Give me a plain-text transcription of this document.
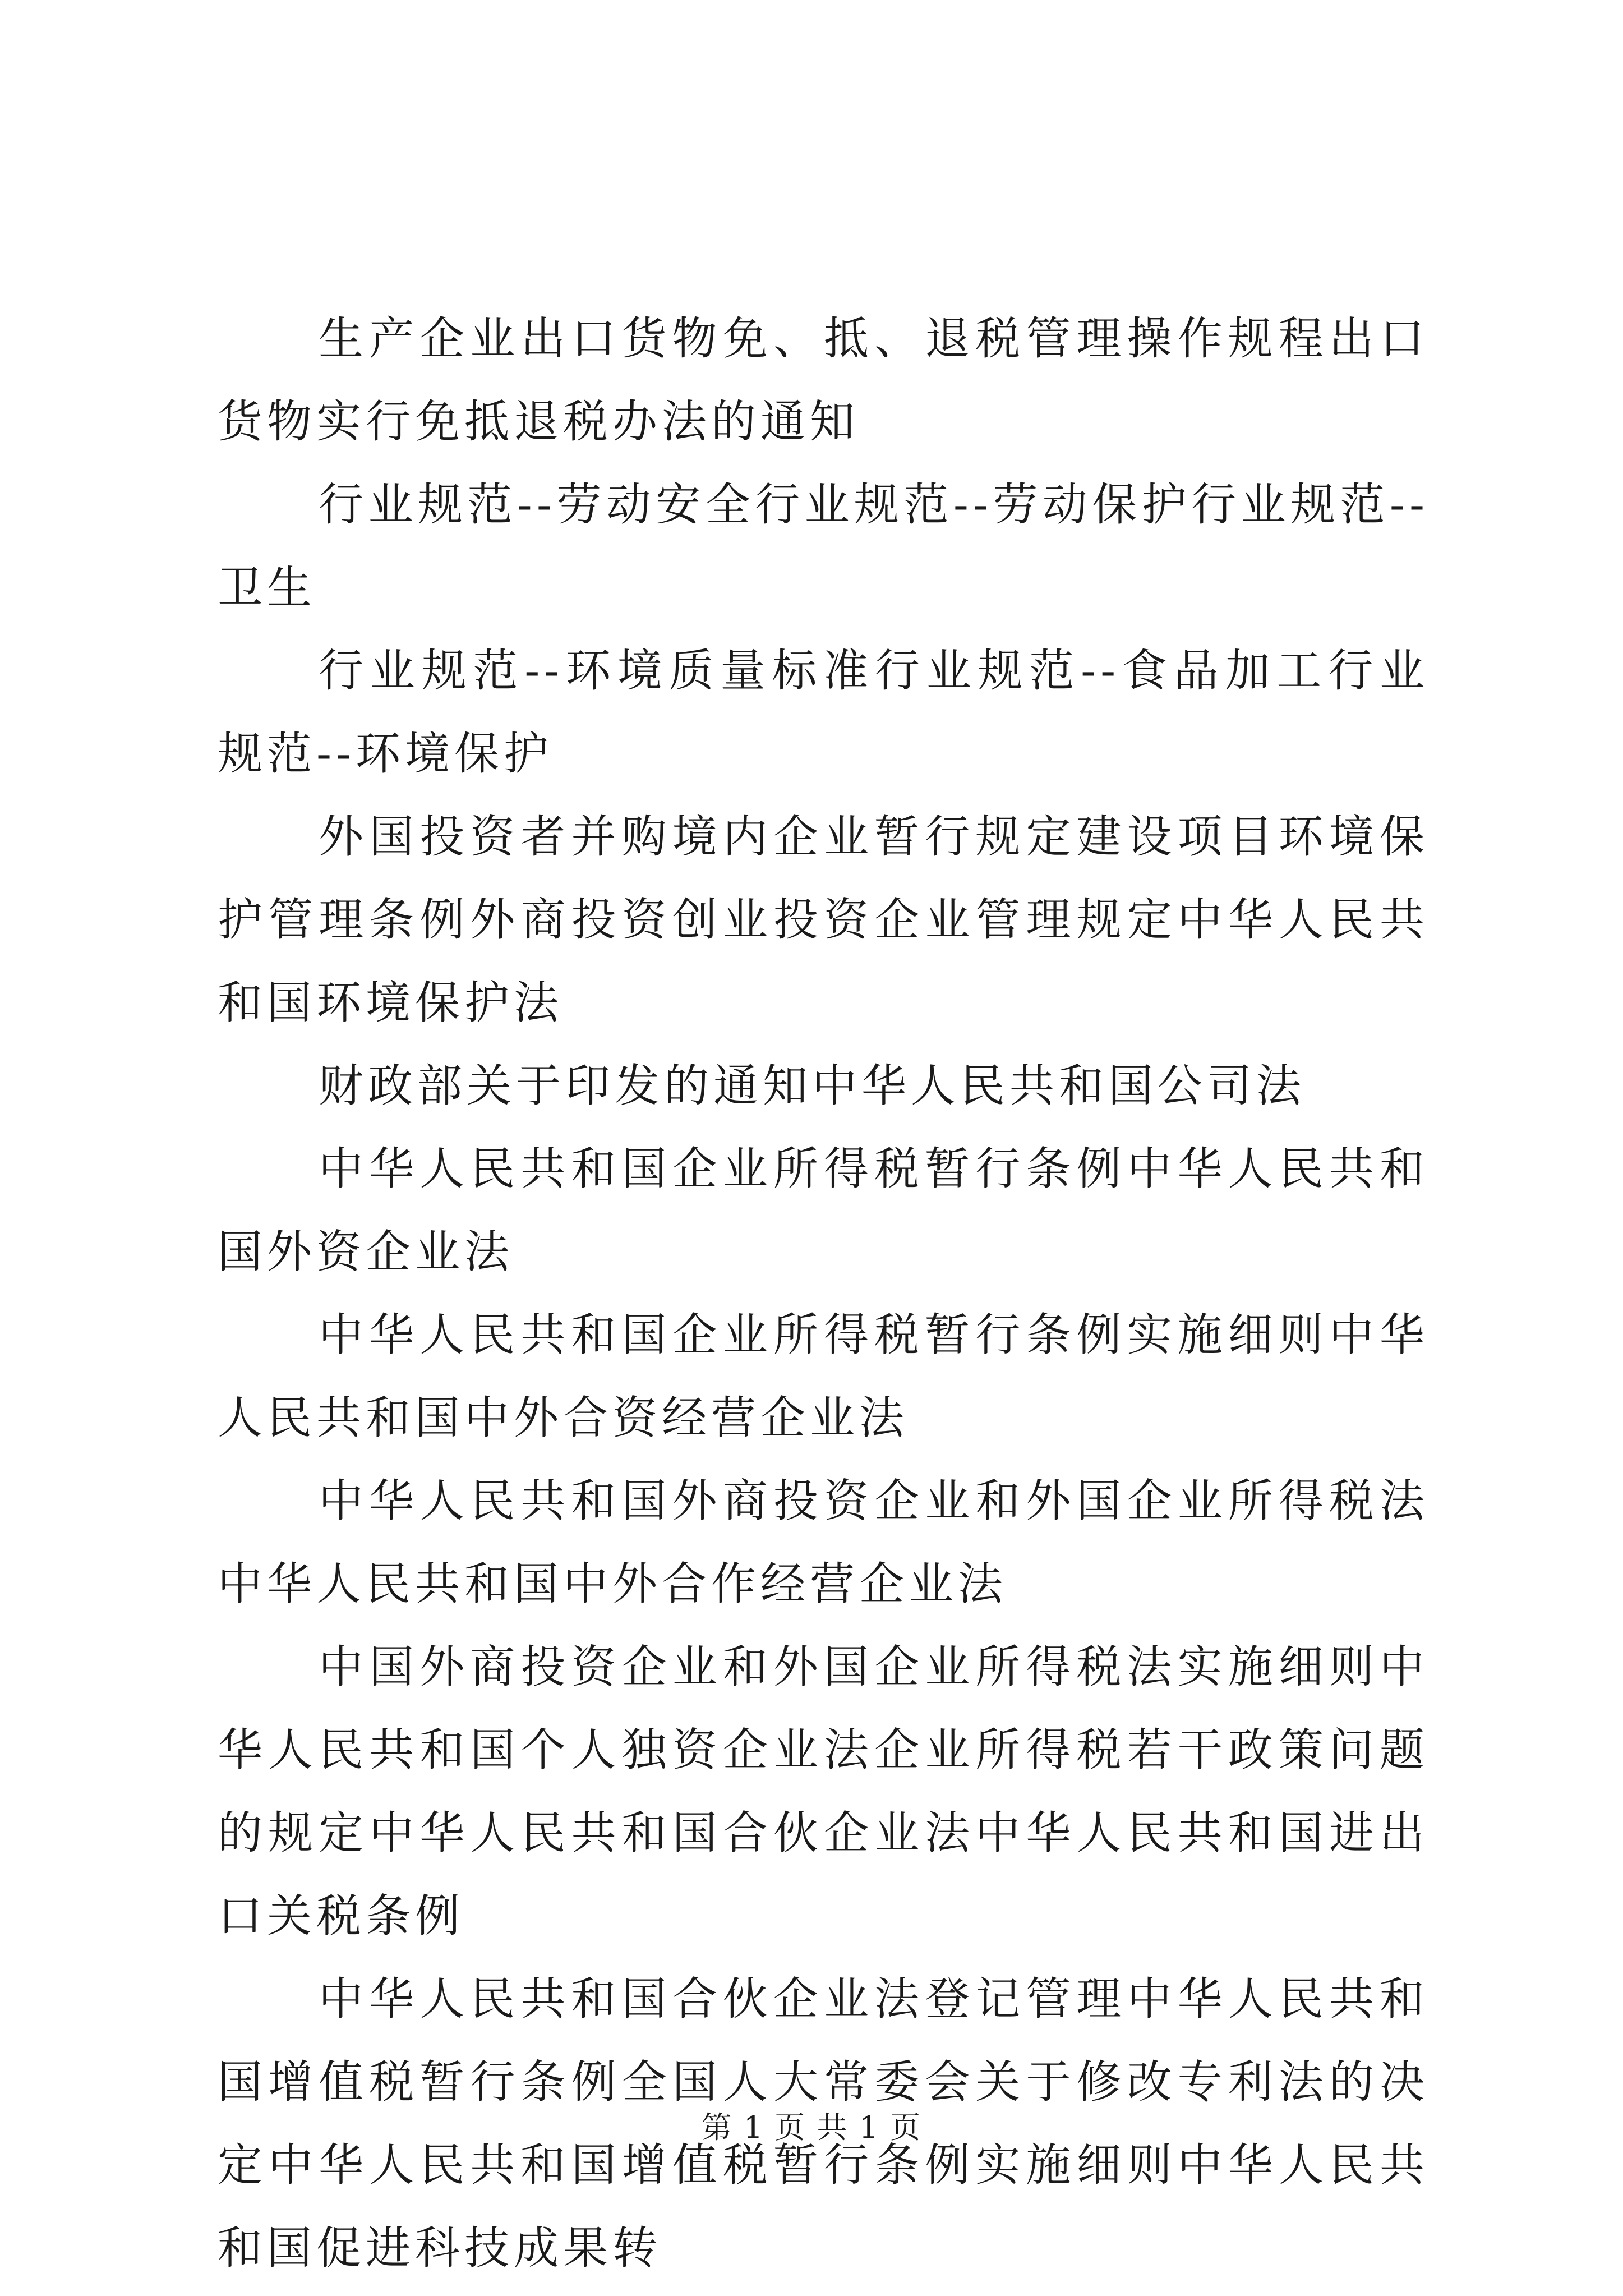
生产企业出口货物免、抵、退税管理操作规程出口货物实行免抵退税办法的通知

行业规范--劳动安全行业规范--劳动保护行业规范--卫生

行业规范--环境质量标准行业规范--食品加工行业规范--环境保护

外国投资者并购境内企业暂行规定建设项目环境保护管理条例外商投资创业投资企业管理规定中华人民共和国环境保护法

财政部关于印发的通知中华人民共和国公司法

中华人民共和国企业所得税暂行条例中华人民共和国外资企业法

中华人民共和国企业所得税暂行条例实施细则中华人民共和国中外合资经营企业法

中华人民共和国外商投资企业和外国企业所得税法中华人民共和国中外合作经营企业法

中国外商投资企业和外国企业所得税法实施细则中华人民共和国个人独资企业法企业所得税若干政策问题的规定中华人民共和国合伙企业法中华人民共和国进出口关税条例

中华人民共和国合伙企业法登记管理中华人民共和国增值税暂行条例全国人大常委会关于修改专利法的决定中华人民共和国增值税暂行条例实施细则中华人民共和国促进科技成果转

第 1 页 共 1 页
